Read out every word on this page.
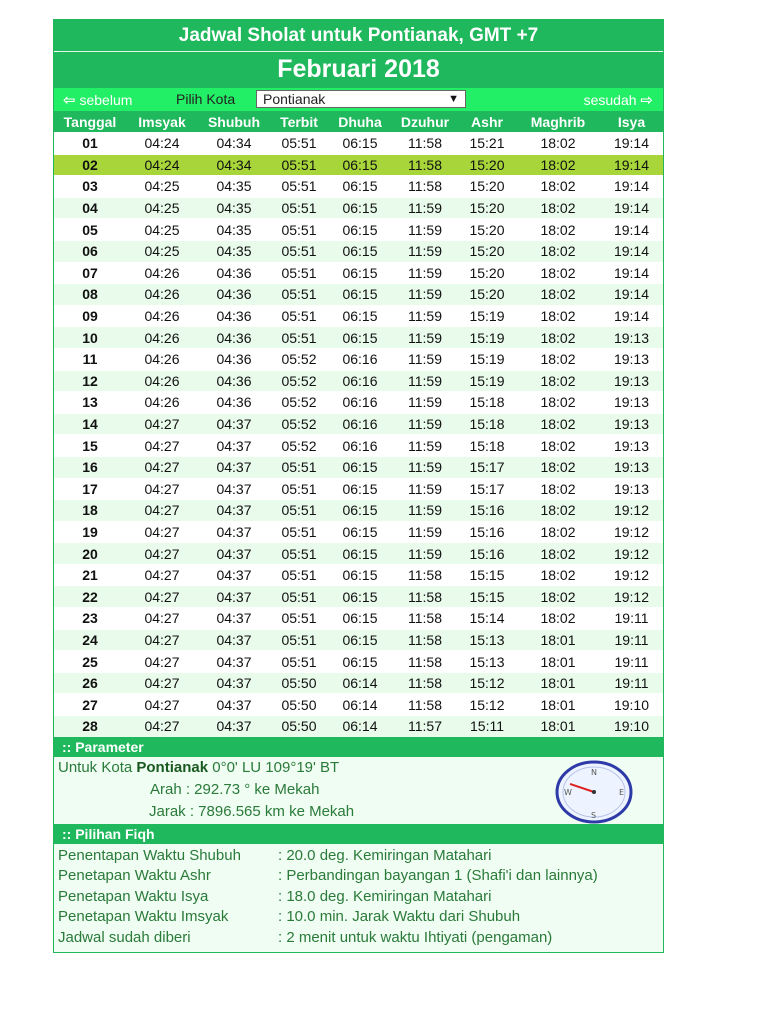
Jadwal Sholat untuk Pontianak, GMT +7
Februari 2018
⇦ sebelum	Pilih Kota	Pontianak	▼	sesudah ⇨
Tanggal	Imsyak	Shubuh	Terbit	Dhuha	Dzuhur	Ashr	Maghrib	Isya
01	04:24	04:34	05:51	06:15	11:58	15:21	18:02	19:14
02	04:24	04:34	05:51	06:15	11:58	15:20	18:02	19:14
03	04:25	04:35	05:51	06:15	11:58	15:20	18:02	19:14
04	04:25	04:35	05:51	06:15	11:59	15:20	18:02	19:14
05	04:25	04:35	05:51	06:15	11:59	15:20	18:02	19:14
06	04:25	04:35	05:51	06:15	11:59	15:20	18:02	19:14
07	04:26	04:36	05:51	06:15	11:59	15:20	18:02	19:14
08	04:26	04:36	05:51	06:15	11:59	15:20	18:02	19:14
09	04:26	04:36	05:51	06:15	11:59	15:19	18:02	19:14
10	04:26	04:36	05:51	06:15	11:59	15:19	18:02	19:13
11	04:26	04:36	05:52	06:16	11:59	15:19	18:02	19:13
12	04:26	04:36	05:52	06:16	11:59	15:19	18:02	19:13
13	04:26	04:36	05:52	06:16	11:59	15:18	18:02	19:13
14	04:27	04:37	05:52	06:16	11:59	15:18	18:02	19:13
15	04:27	04:37	05:52	06:16	11:59	15:18	18:02	19:13
16	04:27	04:37	05:51	06:15	11:59	15:17	18:02	19:13
17	04:27	04:37	05:51	06:15	11:59	15:17	18:02	19:13
18	04:27	04:37	05:51	06:15	11:59	15:16	18:02	19:12
19	04:27	04:37	05:51	06:15	11:59	15:16	18:02	19:12
20	04:27	04:37	05:51	06:15	11:59	15:16	18:02	19:12
21	04:27	04:37	05:51	06:15	11:58	15:15	18:02	19:12
22	04:27	04:37	05:51	06:15	11:58	15:15	18:02	19:12
23	04:27	04:37	05:51	06:15	11:58	15:14	18:02	19:11
24	04:27	04:37	05:51	06:15	11:58	15:13	18:01	19:11
25	04:27	04:37	05:51	06:15	11:58	15:13	18:01	19:11
26	04:27	04:37	05:50	06:14	11:58	15:12	18:01	19:11
27	04:27	04:37	05:50	06:14	11:58	15:12	18:01	19:10
28	04:27	04:37	05:50	06:14	11:57	15:11	18:01	19:10
:: Parameter
Untuk Kota Pontianak 0°0' LU 109°19' BT
Arah : 292.73 ° ke Mekah
Jarak : 7896.565 km ke Mekah
N
E
S
W
:: Pilihan Fiqh
Penentapan Waktu Shubuh : 20.0 deg. Kemiringan Matahari
Penetapan Waktu Ashr	: Perbandingan bayangan 1 (Shafi'i dan lainnya)
Penetapan Waktu Isya	: 18.0 deg. Kemiringan Matahari
Penetapan Waktu Imsyak	: 10.0 min. Jarak Waktu dari Shubuh
Jadwal sudah diberi	: 2 menit untuk waktu Ihtiyati (pengaman)
